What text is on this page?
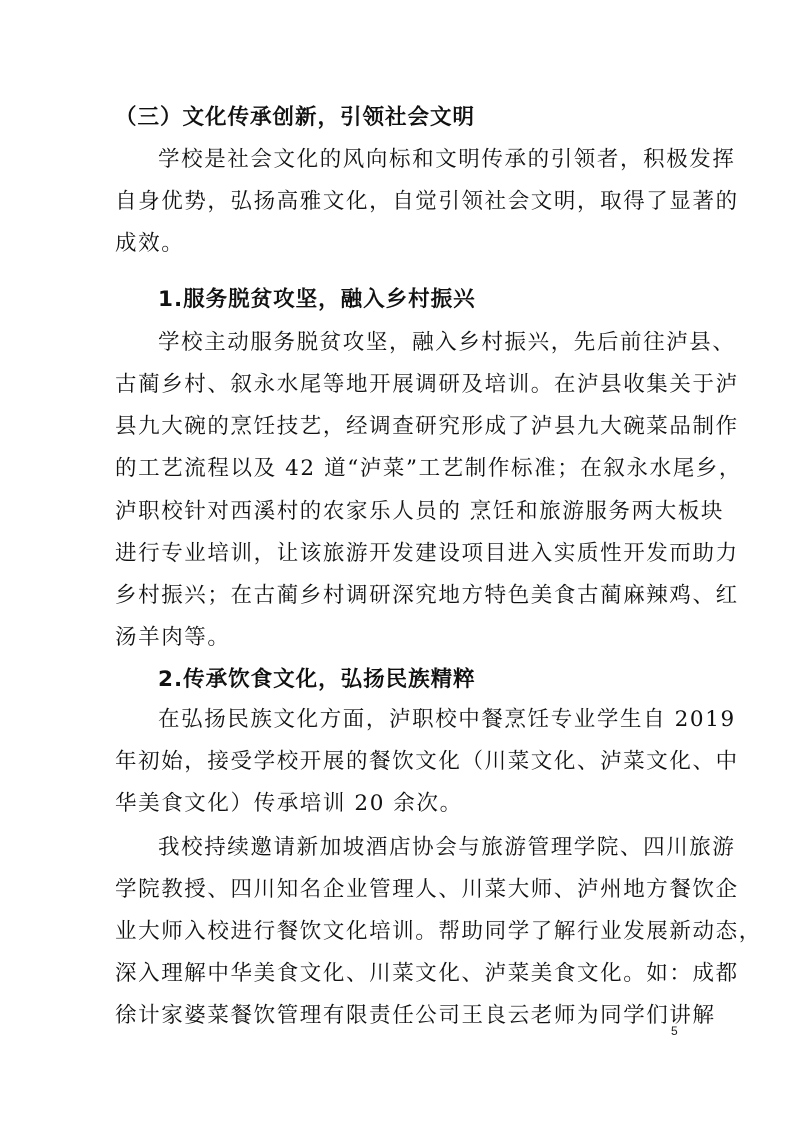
（三）文化传承创新，引领社会文明
学校是社会文化的风向标和文明传承的引领者，积极发挥
自身优势，弘扬高雅文化，自觉引领社会文明，取得了显著的
成效。
1.服务脱贫攻坚，融入乡村振兴
学校主动服务脱贫攻坚，融入乡村振兴，先后前往泸县、
古蔺乡村、叙永水尾等地开展调研及培训。在泸县收集关于泸
县九大碗的烹饪技艺，经调查研究形成了泸县九大碗菜品制作
的工艺流程以及 42 道“泸菜”工艺制作标准；在叙永水尾乡，
泸职校针对西溪村的农家乐人员的 烹饪和旅游服务两大板块
进行专业培训，让该旅游开发建设项目进入实质性开发而助力
乡村振兴；在古蔺乡村调研深究地方特色美食古蔺麻辣鸡、红
汤羊肉等。
2.传承饮食文化，弘扬民族精粹
在弘扬民族文化方面，泸职校中餐烹饪专业学生自 2019
年初始，接受学校开展的餐饮文化（川菜文化、泸菜文化、中
华美食文化）传承培训 20 余次。
我校持续邀请新加坡酒店协会与旅游管理学院、四川旅游
学院教授、四川知名企业管理人、川菜大师、泸州地方餐饮企
业大师入校进行餐饮文化培训。帮助同学了解行业发展新动态，
深入理解中华美食文化、川菜文化、泸菜美食文化。如：成都
徐计家婆菜餐饮管理有限责任公司王良云老师为同学们讲解
5
